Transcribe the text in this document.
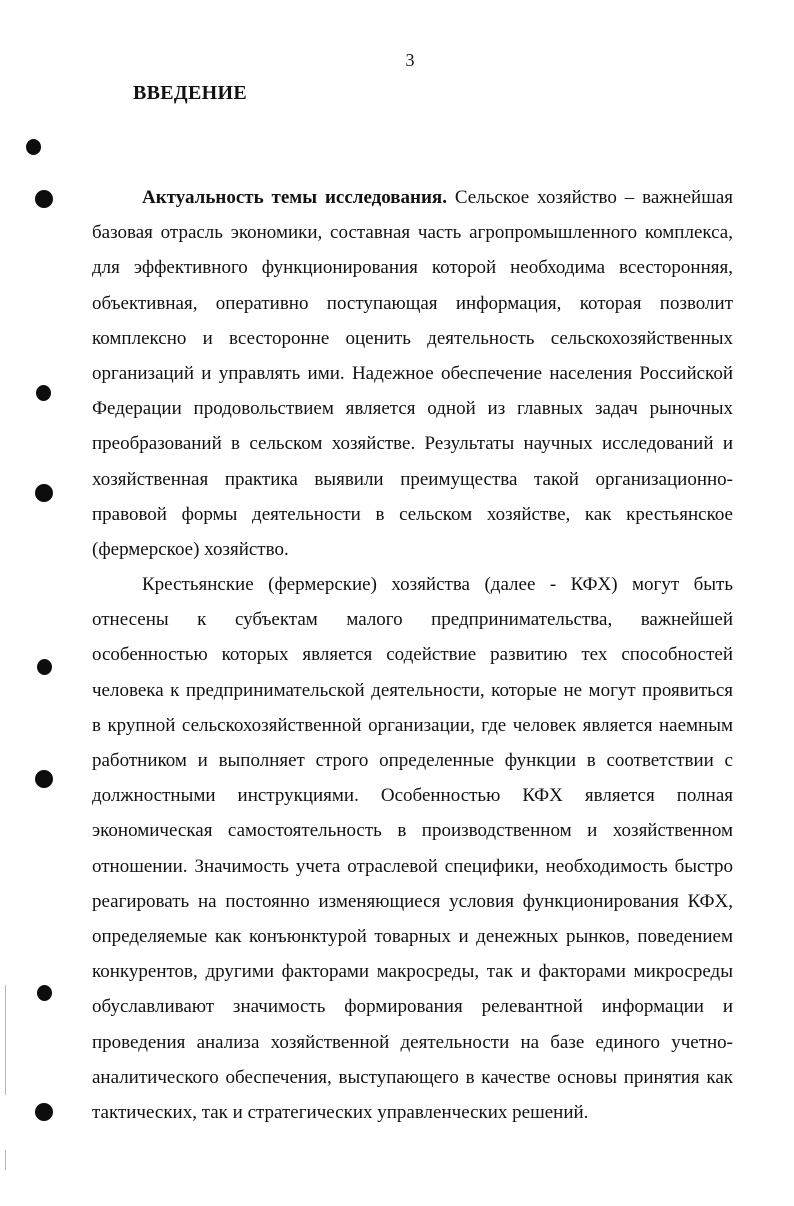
3
ВВЕДЕНИЕ

Актуальность темы исследования. Сельское хозяйство – важнейшая базовая отрасль экономики, составная часть агропромышленного комплекса, для эффективного функционирования которой необходима всесторонняя, объективная, оперативно поступающая информация, которая позволит комплексно и всесторонне оценить деятельность сельскохозяйственных организаций и управлять ими. Надежное обеспечение населения Российской Федерации продовольствием является одной из главных задач рыночных преобразований в сельском хозяйстве. Результаты научных исследований и хозяйственная практика выявили преимущества такой организационно-правовой формы деятельности в сельском хозяйстве, как крестьянское (фермерское) хозяйство.

Крестьянские (фермерские) хозяйства (далее - КФХ) могут быть отнесены к субъектам малого предпринимательства, важнейшей особенностью которых является содействие развитию тех способностей человека к предпринимательской деятельности, которые не могут проявиться в крупной сельскохозяйственной организации, где человек является наемным работником и выполняет строго определенные функции в соответствии с должностными инструкциями. Особенностью КФХ является полная экономическая самостоятельность в производственном и хозяйственном отношении. Значимость учета отраслевой специфики, необходимость быстро реагировать на постоянно изменяющиеся условия функционирования КФХ, определяемые как конъюнктурой товарных и денежных рынков, поведением конкурентов, другими факторами макросреды, так и факторами микросреды обуславливают значимость формирования релевантной информации и проведения анализа хозяйственной деятельности на базе единого учетно-аналитического обеспечения, выступающего в качестве основы принятия как тактических, так и стратегических управленческих решений.
